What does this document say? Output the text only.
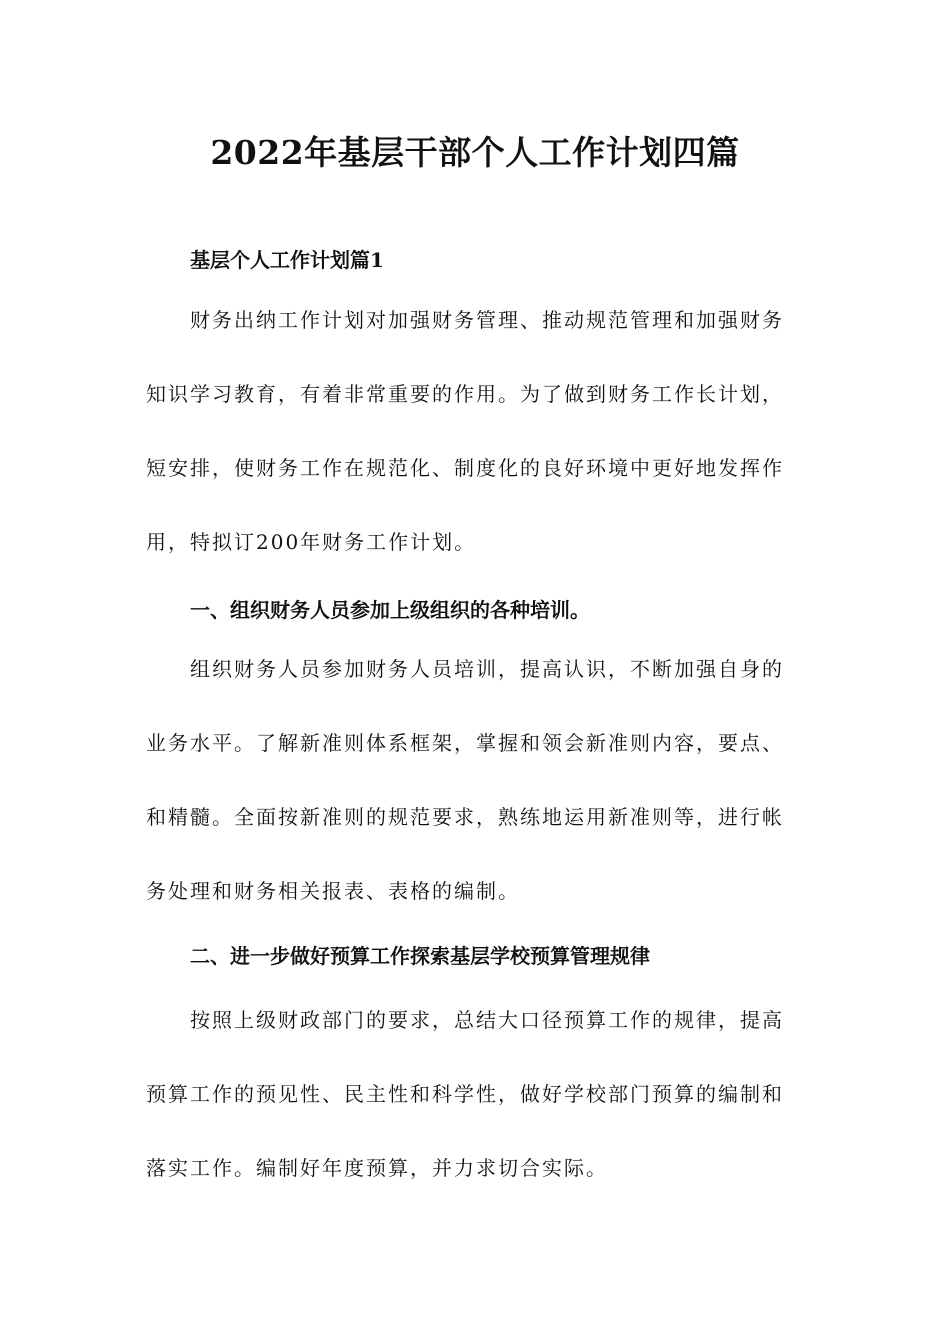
2022年基层干部个人工作计划四篇
基层个人工作计划篇1

财务出纳工作计划对加强财务管理、推动规范管理和加强财务知识学习教育，有着非常重要的作用。为了做到财务工作长计划，短安排，使财务工作在规范化、制度化的良好环境中更好地发挥作用，特拟订200年财务工作计划。

一、组织财务人员参加上级组织的各种培训。

组织财务人员参加财务人员培训，提高认识，不断加强自身的业务水平。了解新准则体系框架，掌握和领会新准则内容，要点、和精髓。全面按新准则的规范要求，熟练地运用新准则等，进行帐务处理和财务相关报表、表格的编制。

二、进一步做好预算工作探索基层学校预算管理规律

按照上级财政部门的要求，总结大口径预算工作的规律，提高预算工作的预见性、民主性和科学性，做好学校部门预算的编制和落实工作。编制好年度预算，并力求切合实际。
